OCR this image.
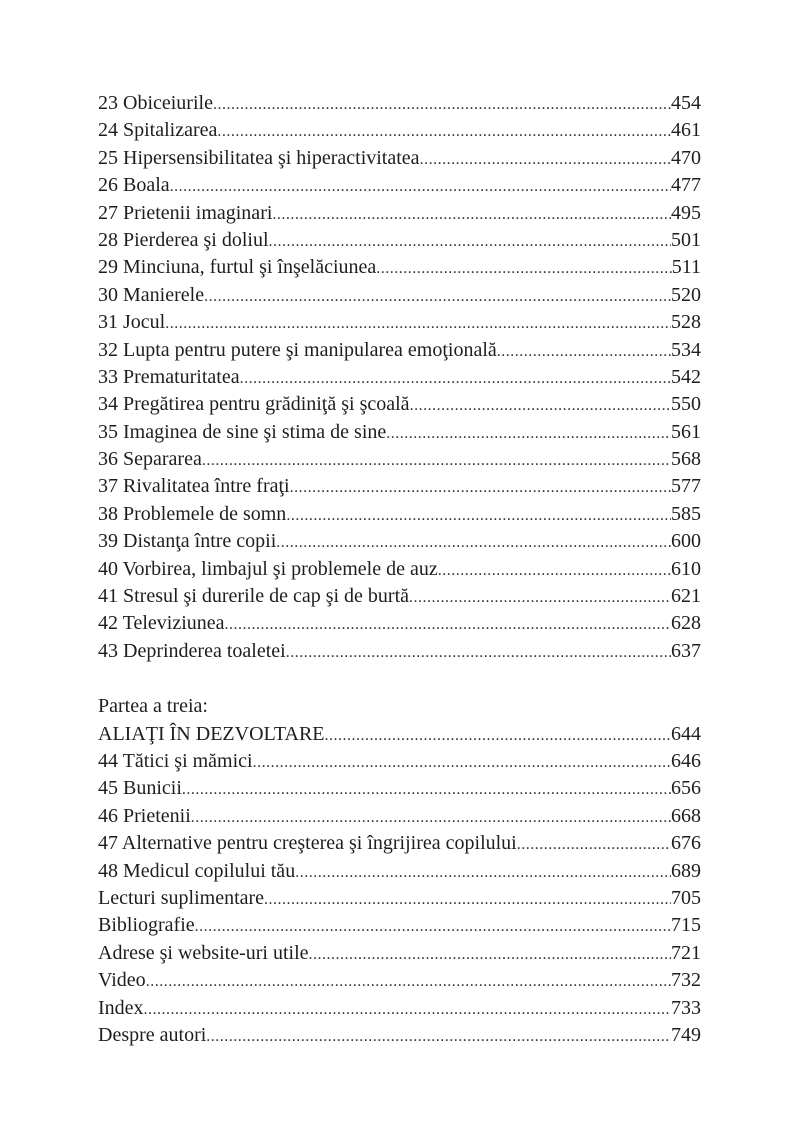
23 Obiceiurile .....	454
24 Spitalizarea .....	461
25 Hipersensibilitatea şi hiperactivitatea .....	470
26 Boala .....	477
27 Prietenii imaginari .....	495
28 Pierderea şi doliul .....	501
29 Minciuna, furtul şi înşelăciunea .....	511
30 Manierele .....	520
31 Jocul .....	528
32 Lupta pentru putere şi manipularea emoţională .....	534
33 Prematuritatea .....	542
34 Pregătirea pentru grădiniţă şi şcoală .....	550
35 Imaginea de sine şi stima de sine .....	561
36 Separarea .....	568
37 Rivalitatea între fraţi .....	577
38 Problemele de somn .....	585
39 Distanţa între copii .....	600
40 Vorbirea, limbajul şi problemele de auz .....	610
41 Stresul şi durerile de cap şi de burtă .....	621
42 Televiziunea .....	628
43 Deprinderea toaletei .....	637
Partea a treia:
ALIAŢI ÎN DEZVOLTARE .....	644
44 Tătici şi mămici .....	646
45 Bunicii .....	656
46 Prietenii .....	668
47 Alternative pentru creşterea şi îngrijirea copilului .....	676
48 Medicul copilului tău .....	689
Lecturi suplimentare .....	705
Bibliografie .....	715
Adrese şi website-uri utile .....	721
Video .....	732
Index .....	733
Despre autori .....	749
